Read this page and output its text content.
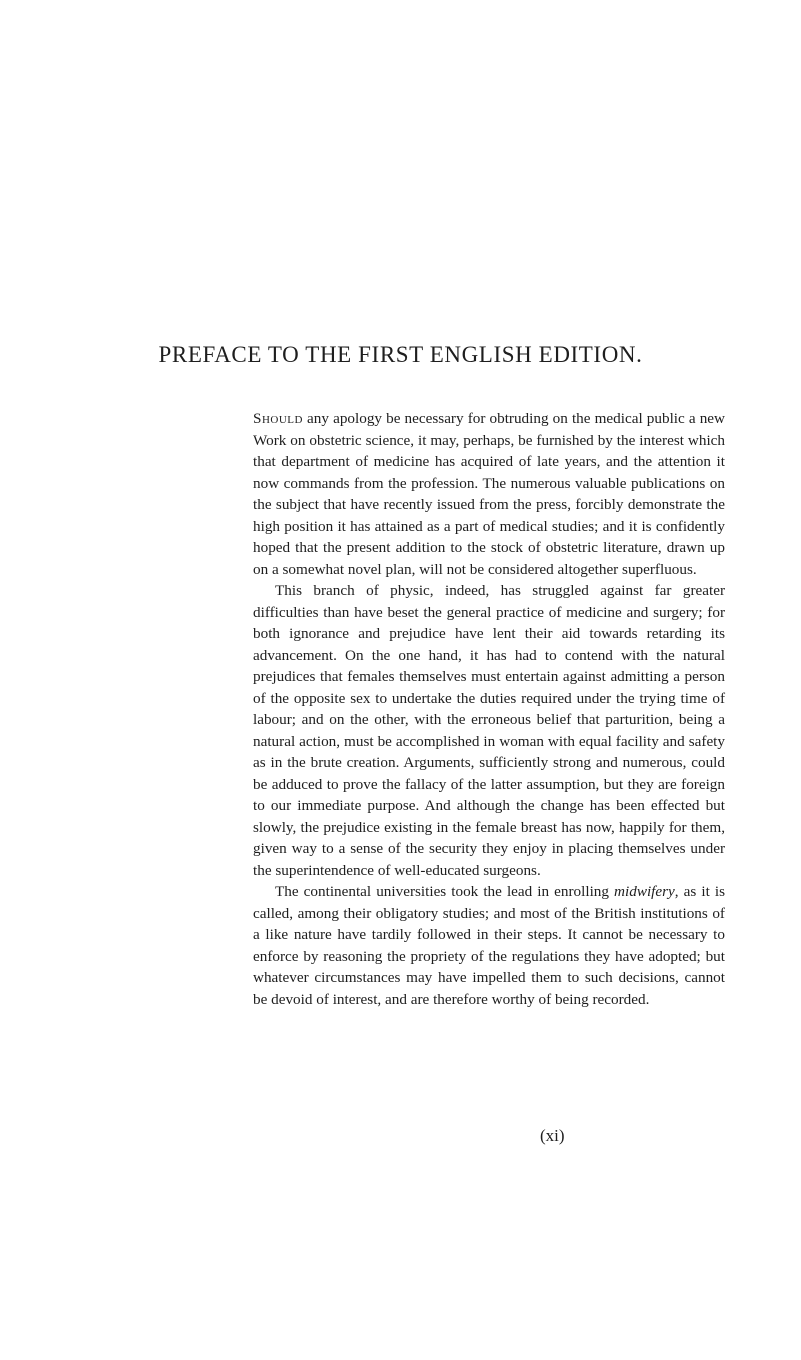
PREFACE TO THE FIRST ENGLISH EDITION.

Should any apology be necessary for obtruding on the medical public a new Work on obstetric science, it may, perhaps, be furnished by the interest which that department of medicine has acquired of late years, and the attention it now commands from the profession. The numerous valuable publications on the subject that have recently issued from the press, forcibly demonstrate the high position it has attained as a part of medical studies; and it is confidently hoped that the present addition to the stock of obstetric literature, drawn up on a somewhat novel plan, will not be considered altogether superfluous.

This branch of physic, indeed, has struggled against far greater difficulties than have beset the general practice of medicine and surgery; for both ignorance and prejudice have lent their aid towards retarding its advancement. On the one hand, it has had to contend with the natural prejudices that females themselves must entertain against admitting a person of the opposite sex to undertake the duties required under the trying time of labour; and on the other, with the erroneous belief that parturition, being a natural action, must be accomplished in woman with equal facility and safety as in the brute creation. Arguments, sufficiently strong and numerous, could be adduced to prove the fallacy of the latter assumption, but they are foreign to our immediate purpose. And although the change has been effected but slowly, the prejudice existing in the female breast has now, happily for them, given way to a sense of the security they enjoy in placing themselves under the superintendence of well-educated surgeons.

The continental universities took the lead in enrolling midwifery, as it is called, among their obligatory studies; and most of the British institutions of a like nature have tardily followed in their steps. It cannot be necessary to enforce by reasoning the propriety of the regulations they have adopted; but whatever circumstances may have impelled them to such decisions, cannot be devoid of interest, and are therefore worthy of being recorded.

(xi)
